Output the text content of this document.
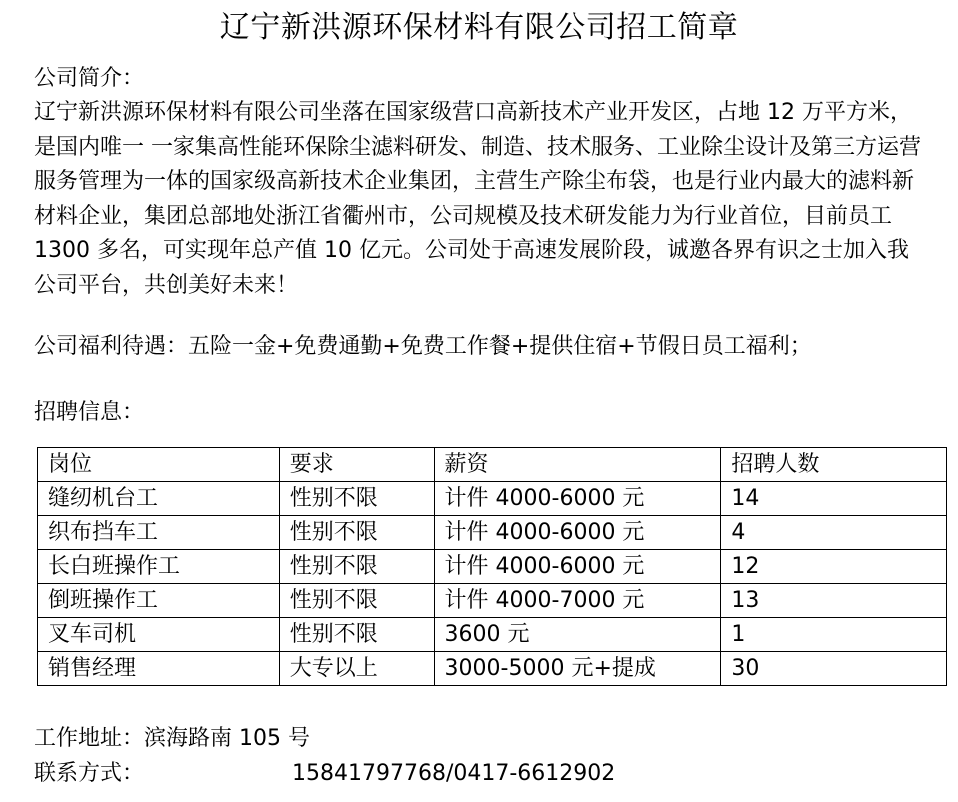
辽宁新洪源环保材料有限公司招工简章
公司简介：
辽宁新洪源环保材料有限公司坐落在国家级营口高新技术产业开发区，占地 12 万平方米，是国内唯一 一家集高性能环保除尘滤料研发、制造、技术服务、工业除尘设计及第三方运营服务管理为一体的国家级高新技术企业集团，主营生产除尘布袋，也是行业内最大的滤料新材料企业，集团总部地处浙江省衢州市，公司规模及技术研发能力为行业首位，目前员工 1300 多名，可实现年总产值 10 亿元。公司处于高速发展阶段，诚邀各界有识之士加入我公司平台，共创美好未来！
公司福利待遇：五险一金+免费通勤+免费工作餐+提供住宿+节假日员工福利；
招聘信息：
岗位	要求	薪资	招聘人数
缝纫机台工	性别不限	计件 4000-6000 元	14
织布挡车工	性别不限	计件 4000-6000 元	4
长白班操作工	性别不限	计件 4000-6000 元	12
倒班操作工	性别不限	计件 4000-7000 元	13
叉车司机	性别不限	3600 元	1
销售经理	大专以上	3000-5000 元+提成	30
工作地址：滨海路南 105 号
联系方式：	15841797768/0417-6612902
